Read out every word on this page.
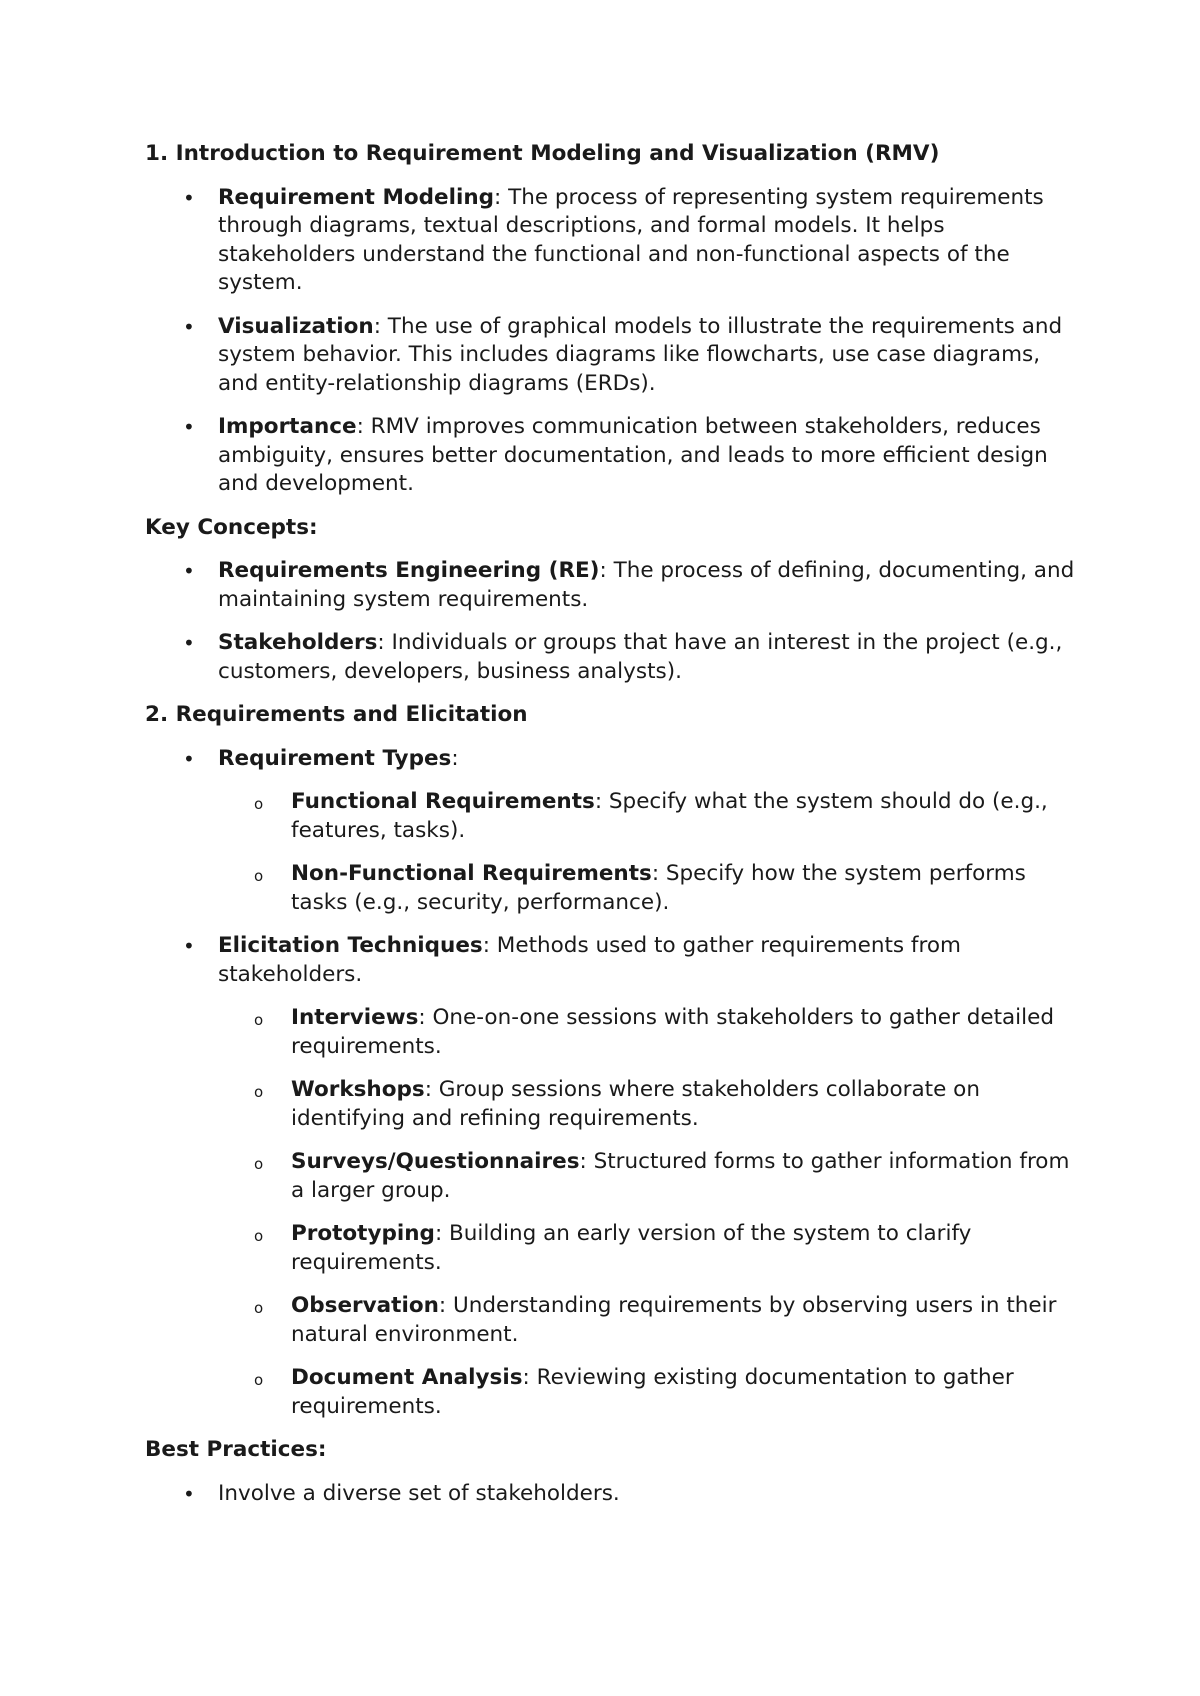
1. Introduction to Requirement Modeling and Visualization (RMV)
• Requirement Modeling: The process of representing system requirements through diagrams, textual descriptions, and formal models. It helps stakeholders understand the functional and non-functional aspects of the system.
• Visualization: The use of graphical models to illustrate the requirements and system behavior. This includes diagrams like flowcharts, use case diagrams, and entity-relationship diagrams (ERDs).
• Importance: RMV improves communication between stakeholders, reduces ambiguity, ensures better documentation, and leads to more efficient design and development.
Key Concepts:
• Requirements Engineering (RE): The process of defining, documenting, and maintaining system requirements.
• Stakeholders: Individuals or groups that have an interest in the project (e.g., customers, developers, business analysts).
2. Requirements and Elicitation
• Requirement Types:
o Functional Requirements: Specify what the system should do (e.g., features, tasks).
o Non-Functional Requirements: Specify how the system performs tasks (e.g., security, performance).
• Elicitation Techniques: Methods used to gather requirements from stakeholders.
o Interviews: One-on-one sessions with stakeholders to gather detailed requirements.
o Workshops: Group sessions where stakeholders collaborate on identifying and refining requirements.
o Surveys/Questionnaires: Structured forms to gather information from a larger group.
o Prototyping: Building an early version of the system to clarify requirements.
o Observation: Understanding requirements by observing users in their natural environment.
o Document Analysis: Reviewing existing documentation to gather requirements.
Best Practices:
• Involve a diverse set of stakeholders.
